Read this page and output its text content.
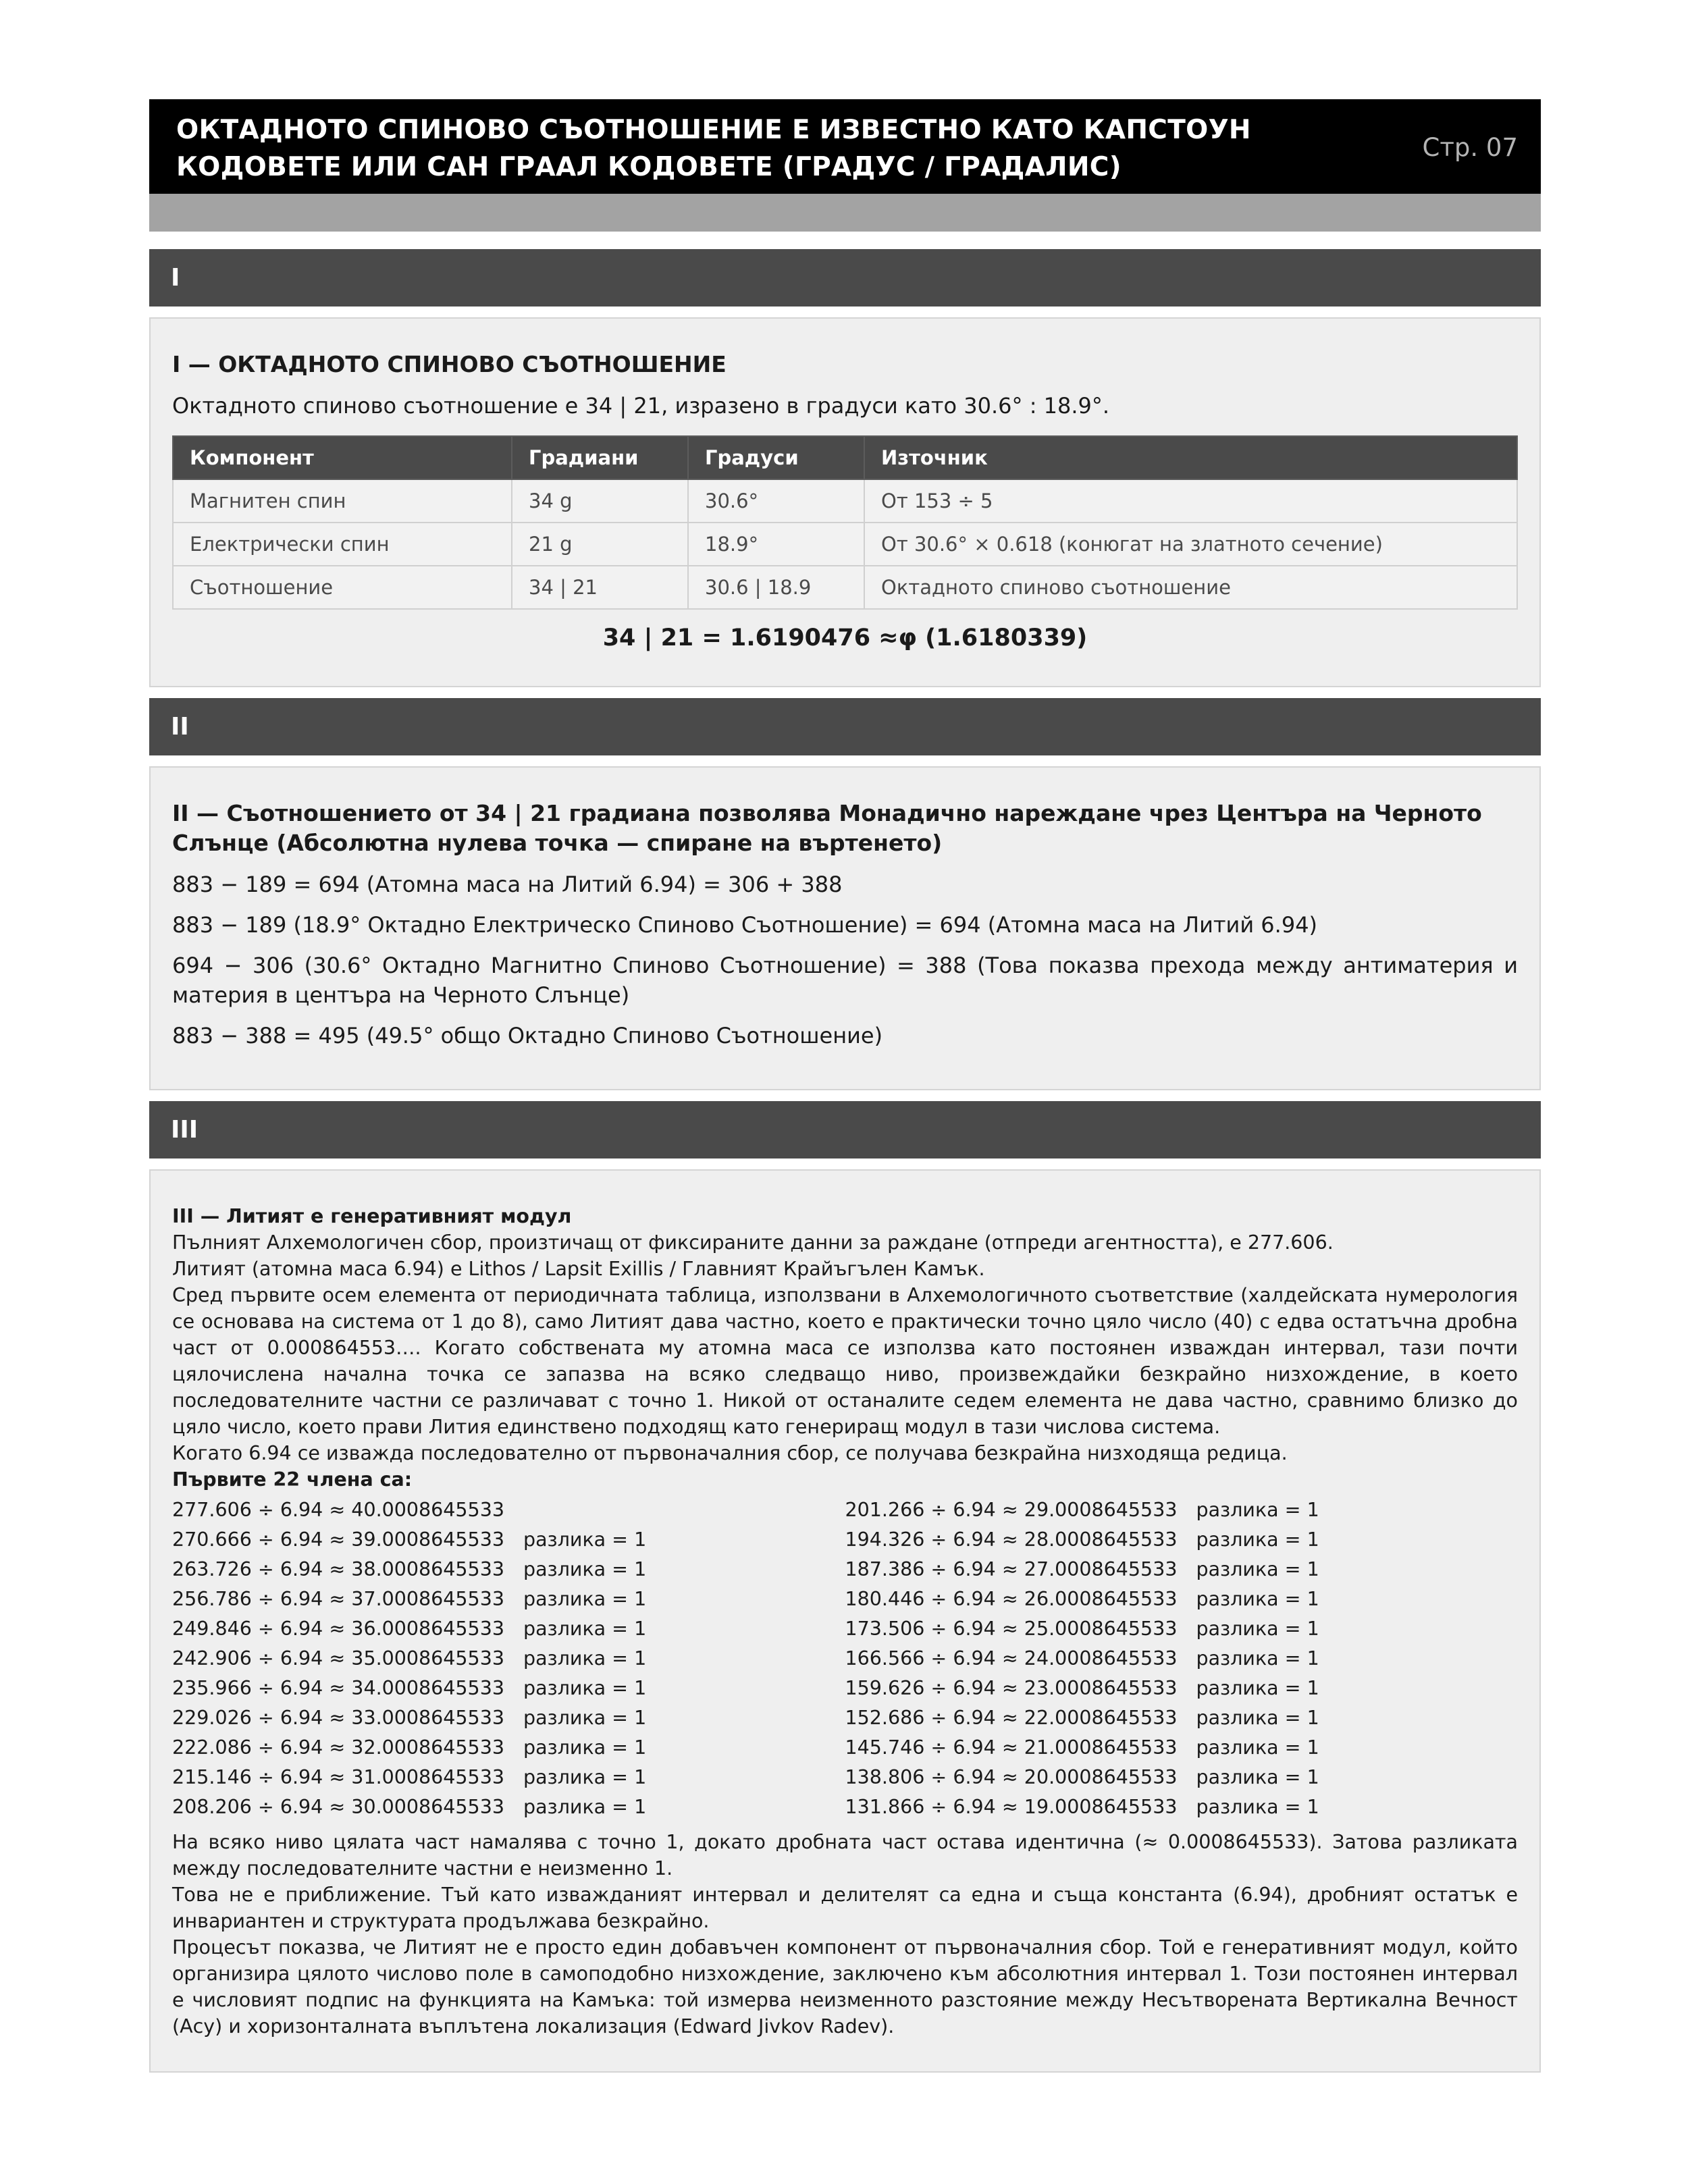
ОКТАДНОТО СПИНОВО СЪОТНОШЕНИЕ Е ИЗВЕСТНО КАТО КАПСТОУН КОДОВЕТЕ ИЛИ САН ГРААЛ КОДОВЕТЕ (ГРАДУС / ГРАДАЛИС)
Стр. 07
I

I — ОКТАДНОТО СПИНОВО СЪОТНОШЕНИЕ

Октадното спиново съотношение е 34 | 21, изразено в градуси като 30.6° : 18.9°.

Компонент	Градиани	Градуси	Източник
Магнитен спин	34 g	30.6°	От 153 ÷ 5
Електрически спин	21 g	18.9°	От 30.6° × 0.618 (конюгат на златното сечение)
Съотношение	34 | 21	30.6 | 18.9	Октадното спиново съотношение
34 | 21 = 1.6190476 ≈φ (1.6180339)
II

II — Съотношението от 34 | 21 градиана позволява Монадично нареждане чрез Центъра на Черното Слънце (Абсолютна нулева точка — спиране на въртенето)

883 − 189 = 694 (Атомна маса на Литий 6.94) = 306 + 388

883 − 189 (18.9° Октадно Електрическо Спиново Съотношение) = 694 (Атомна маса на Литий 6.94)

694 − 306 (30.6° Октадно Магнитно Спиново Съотношение) = 388 (Това показва прехода между антиматерия и материя в центъра на Черното Слънце)

883 − 388 = 495 (49.5° общо Октадно Спиново Съотношение)

III

III — Литият е генеративният модул

Пълният Алхемологичен сбор, произтичащ от фиксираните данни за раждане (отпреди агентността), е 277.606.

Литият (атомна маса 6.94) е Lithos / Lapsit Exillis / Главният Крайъгълен Камък.

Сред първите осем елемента от периодичната таблица, използвани в Алхемологичното съответствие (халдейската нумерология се основава на система от 1 до 8), само Литият дава частно, което е практически точно цяло число (40) с едва остатъчна дробна част от 0.000864553…. Когато собствената му атомна маса се използва като постоянен изваждан интервал, тази почти цялочислена начална точка се запазва на всяко следващо ниво, произвеждайки безкрайно низхождение, в което последователните частни се различават с точно 1. Никой от останалите седем елемента не дава частно, сравнимо близко до цяло число, което прави Лития единствено подходящ като генериращ модул в тази числова система.

Когато 6.94 се изважда последователно от първоначалния сбор, се получава безкрайна низходяща редица.

Първите 22 члена са:

277.606 ÷ 6.94 ≈ 40.0008645533
270.666 ÷ 6.94 ≈ 39.0008645533 разлика = 1
263.726 ÷ 6.94 ≈ 38.0008645533 разлика = 1
256.786 ÷ 6.94 ≈ 37.0008645533 разлика = 1
249.846 ÷ 6.94 ≈ 36.0008645533 разлика = 1
242.906 ÷ 6.94 ≈ 35.0008645533 разлика = 1
235.966 ÷ 6.94 ≈ 34.0008645533 разлика = 1
229.026 ÷ 6.94 ≈ 33.0008645533 разлика = 1
222.086 ÷ 6.94 ≈ 32.0008645533 разлика = 1
215.146 ÷ 6.94 ≈ 31.0008645533 разлика = 1
208.206 ÷ 6.94 ≈ 30.0008645533 разлика = 1
201.266 ÷ 6.94 ≈ 29.0008645533 разлика = 1
194.326 ÷ 6.94 ≈ 28.0008645533 разлика = 1
187.386 ÷ 6.94 ≈ 27.0008645533 разлика = 1
180.446 ÷ 6.94 ≈ 26.0008645533 разлика = 1
173.506 ÷ 6.94 ≈ 25.0008645533 разлика = 1
166.566 ÷ 6.94 ≈ 24.0008645533 разлика = 1
159.626 ÷ 6.94 ≈ 23.0008645533 разлика = 1
152.686 ÷ 6.94 ≈ 22.0008645533 разлика = 1
145.746 ÷ 6.94 ≈ 21.0008645533 разлика = 1
138.806 ÷ 6.94 ≈ 20.0008645533 разлика = 1
131.866 ÷ 6.94 ≈ 19.0008645533 разлика = 1

На всяко ниво цялата част намалява с точно 1, докато дробната част остава идентична (≈ 0.0008645533). Затова разликата между последователните частни е неизменно 1.

Това не е приближение. Тъй като изважданият интервал и делителят са една и съща константа (6.94), дробният остатък е инвариантен и структурата продължава безкрайно.

Процесът показва, че Литият не е просто един добавъчен компонент от първоначалния сбор. Той е генеративният модул, който организира цялото числово поле в самоподобно низхождение, заключено към абсолютния интервал 1. Този постоянен интервал е числовият подпис на функцията на Камъка: той измерва неизменното разстояние между Несътворената Вертикална Вечност (Асу) и хоризонталната въплътена локализация (Edward Jivkov Radev).
